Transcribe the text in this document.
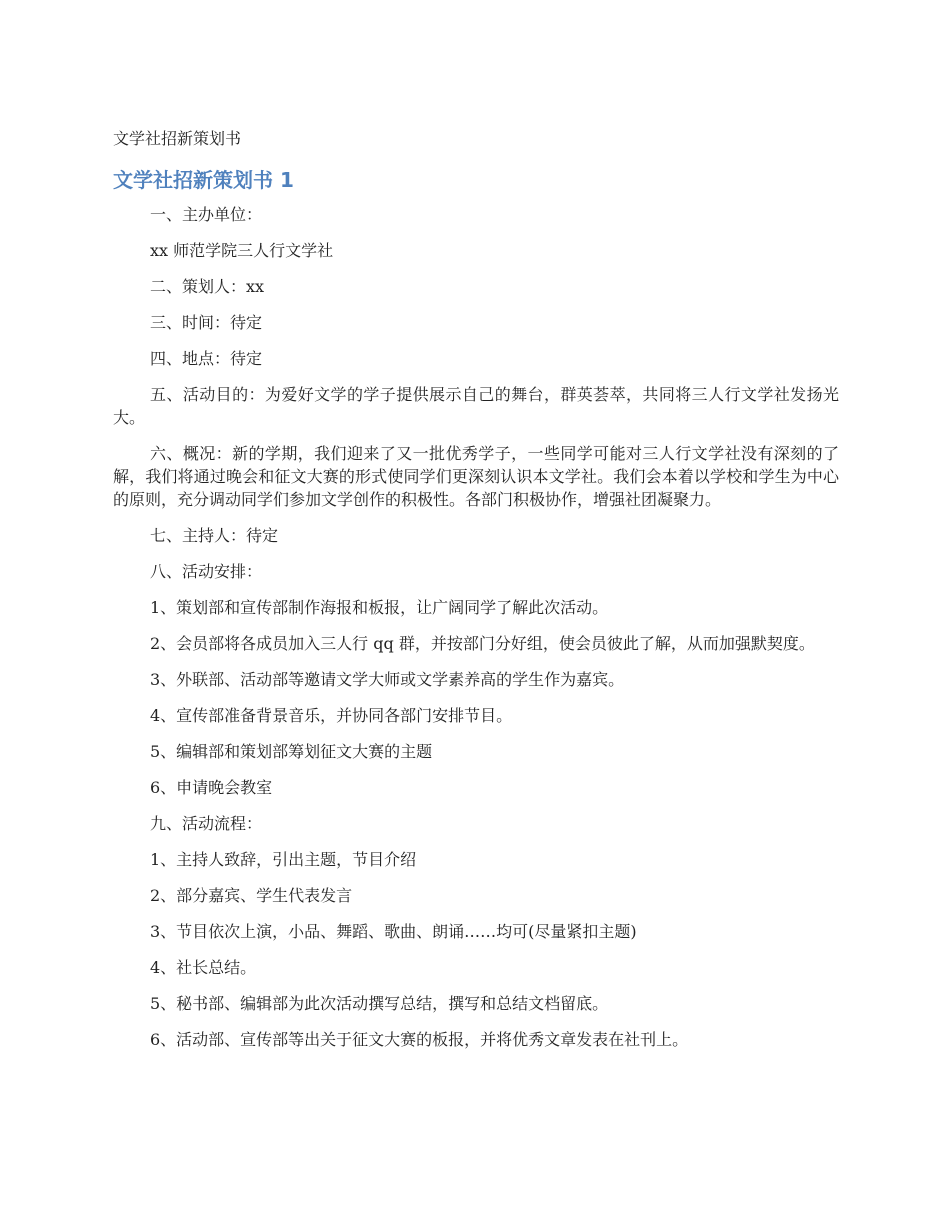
文学社招新策划书

文学社招新策划书 1

一、主办单位：

xx 师范学院三人行文学社

二、策划人：xx

三、时间：待定

四、地点：待定

五、活动目的：为爱好文学的学子提供展示自己的舞台，群英荟萃，共同将三人行文学社发扬光大。

六、概况：新的学期，我们迎来了又一批优秀学子，一些同学可能对三人行文学社没有深刻的了解，我们将通过晚会和征文大赛的形式使同学们更深刻认识本文学社。我们会本着以学校和学生为中心的原则，充分调动同学们参加文学创作的积极性。各部门积极协作，增强社团凝聚力。

七、主持人：待定

八、活动安排：

1、策划部和宣传部制作海报和板报，让广阔同学了解此次活动。

2、会员部将各成员加入三人行 qq 群，并按部门分好组，使会员彼此了解，从而加强默契度。

3、外联部、活动部等邀请文学大师或文学素养高的学生作为嘉宾。

4、宣传部准备背景音乐，并协同各部门安排节目。

5、编辑部和策划部筹划征文大赛的主题

6、申请晚会教室

九、活动流程：

1、主持人致辞，引出主题，节目介绍

2、部分嘉宾、学生代表发言

3、节目依次上演，小品、舞蹈、歌曲、朗诵……均可(尽量紧扣主题)

4、社长总结。

5、秘书部、编辑部为此次活动撰写总结，撰写和总结文档留底。

6、活动部、宣传部等出关于征文大赛的板报，并将优秀文章发表在社刊上。
